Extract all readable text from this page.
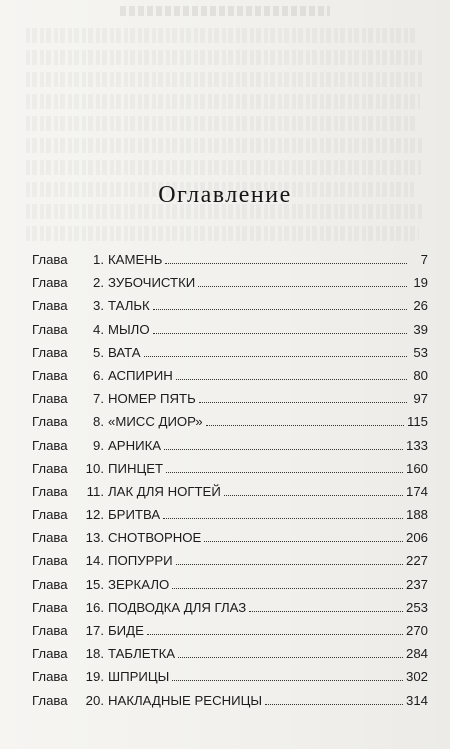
Оглавление
Глава	1. КАМЕНЬ	7
Глава	2. ЗУБОЧИСТКИ	19
Глава	3. ТАЛЬК	26
Глава	4. МЫЛО	39
Глава	5. ВАТА	53
Глава	6. АСПИРИН	80
Глава	7. НОМЕР ПЯТЬ	97
Глава	8. «МИСС ДИОР»	115
Глава	9. АРНИКА	133
Глава	10. ПИНЦЕТ	160
Глава	11. ЛАК ДЛЯ НОГТЕЙ	174
Глава	12. БРИТВА	188
Глава	13. СНОТВОРНОЕ	206
Глава	14. ПОПУРРИ	227
Глава	15. ЗЕРКАЛО	237
Глава	16. ПОДВОДКА ДЛЯ ГЛАЗ	253
Глава	17. БИДЕ	270
Глава	18. ТАБЛЕТКА	284
Глава	19. ШПРИЦЫ	302
Глава	20. НАКЛАДНЫЕ РЕСНИЦЫ	314
